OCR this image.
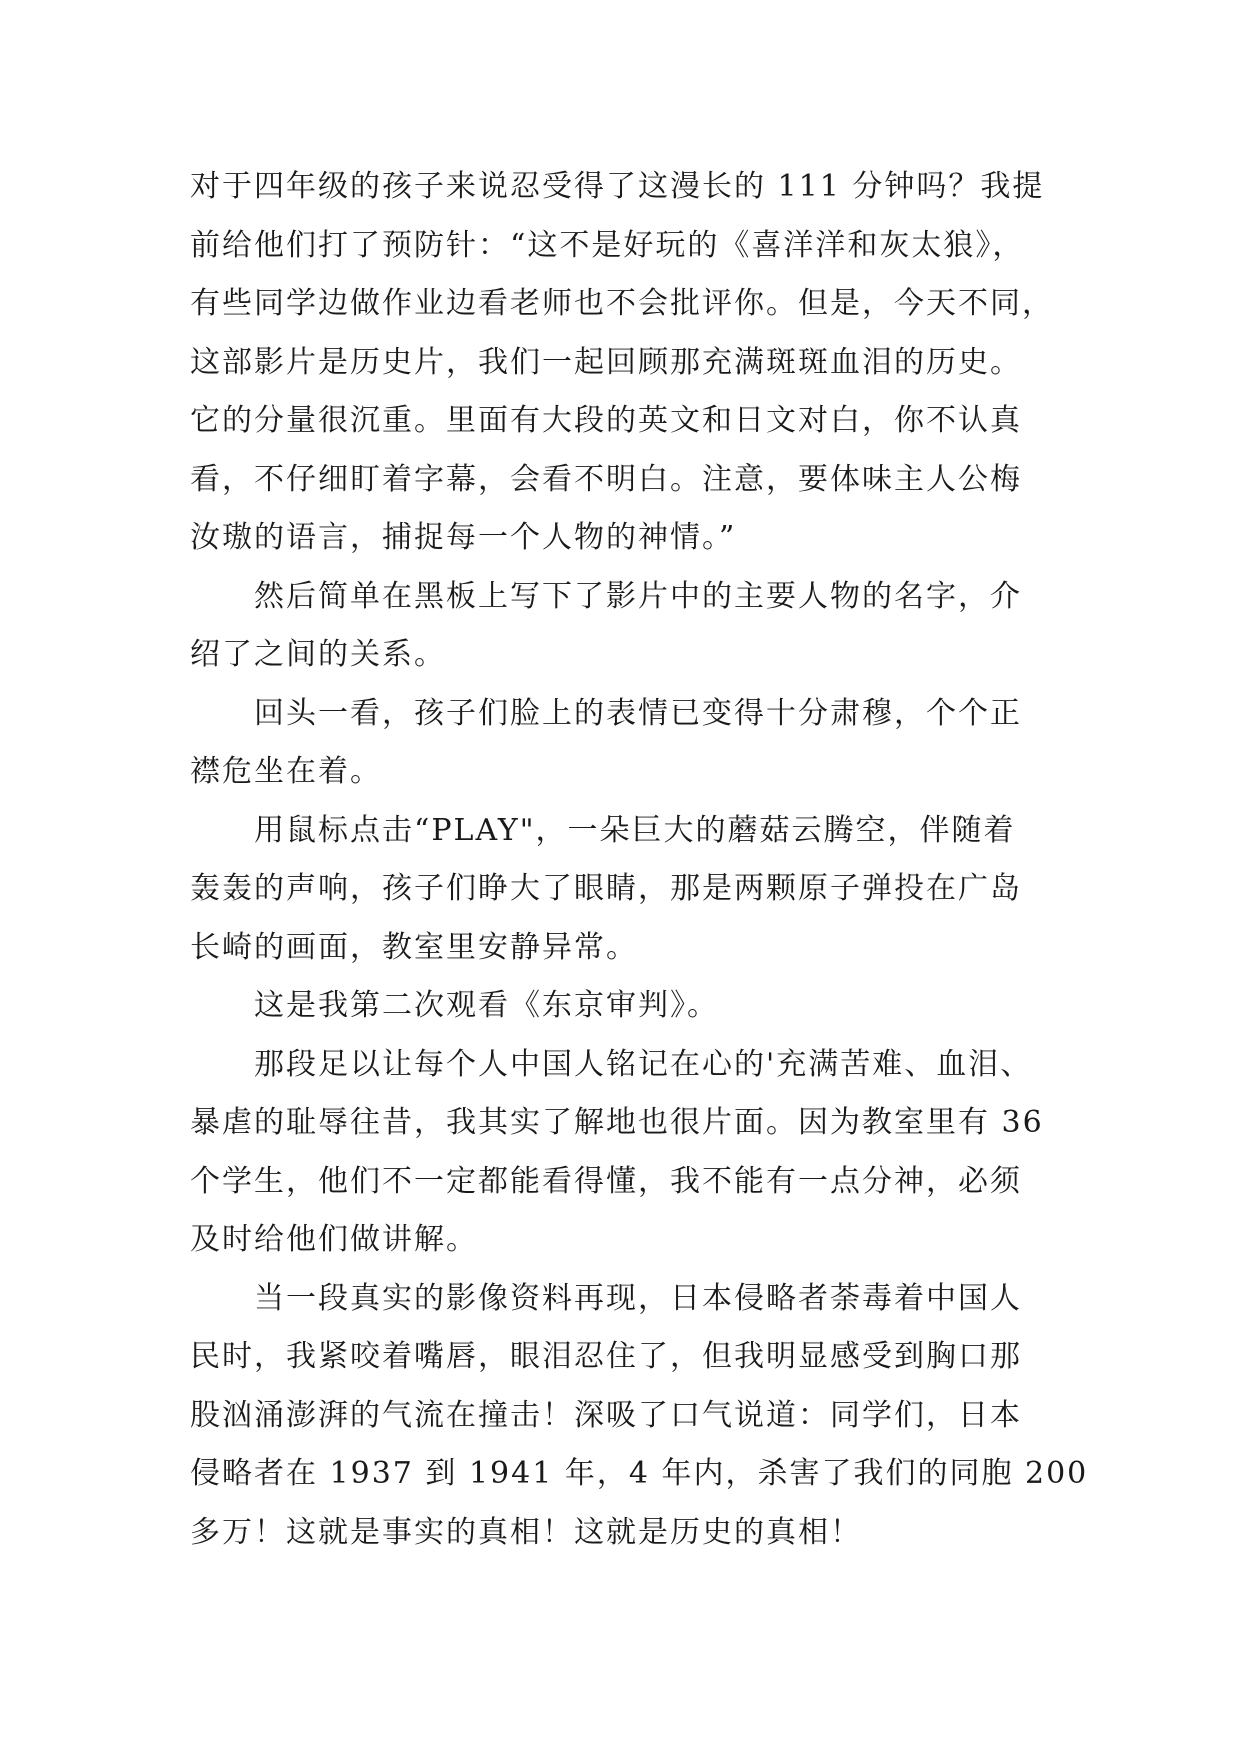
对于四年级的孩子来说忍受得了这漫长的 111 分钟吗？我提
前给他们打了预防针：“这不是好玩的《喜洋洋和灰太狼》，
有些同学边做作业边看老师也不会批评你。但是，今天不同，
这部影片是历史片，我们一起回顾那充满斑斑血泪的历史。
它的分量很沉重。里面有大段的英文和日文对白，你不认真
看，不仔细盯着字幕，会看不明白。注意，要体味主人公梅
汝璈的语言，捕捉每一个人物的神情。”

然后简单在黑板上写下了影片中的主要人物的名字，介
绍了之间的关系。

回头一看，孩子们脸上的表情已变得十分肃穆，个个正
襟危坐在着。

用鼠标点击“PLAY"，一朵巨大的蘑菇云腾空，伴随着
轰轰的声响，孩子们睁大了眼睛，那是两颗原子弹投在广岛
长崎的画面，教室里安静异常。

这是我第二次观看《东京审判》。

那段足以让每个人中国人铭记在心的'充满苦难、血泪、
暴虐的耻辱往昔，我其实了解地也很片面。因为教室里有 36
个学生，他们不一定都能看得懂，我不能有一点分神，必须
及时给他们做讲解。

当一段真实的影像资料再现，日本侵略者荼毒着中国人
民时，我紧咬着嘴唇，眼泪忍住了，但我明显感受到胸口那
股汹涌澎湃的气流在撞击！深吸了口气说道：同学们，日本
侵略者在 1937 到 1941 年，4 年内，杀害了我们的同胞 200
多万！这就是事实的真相！这就是历史的真相！
